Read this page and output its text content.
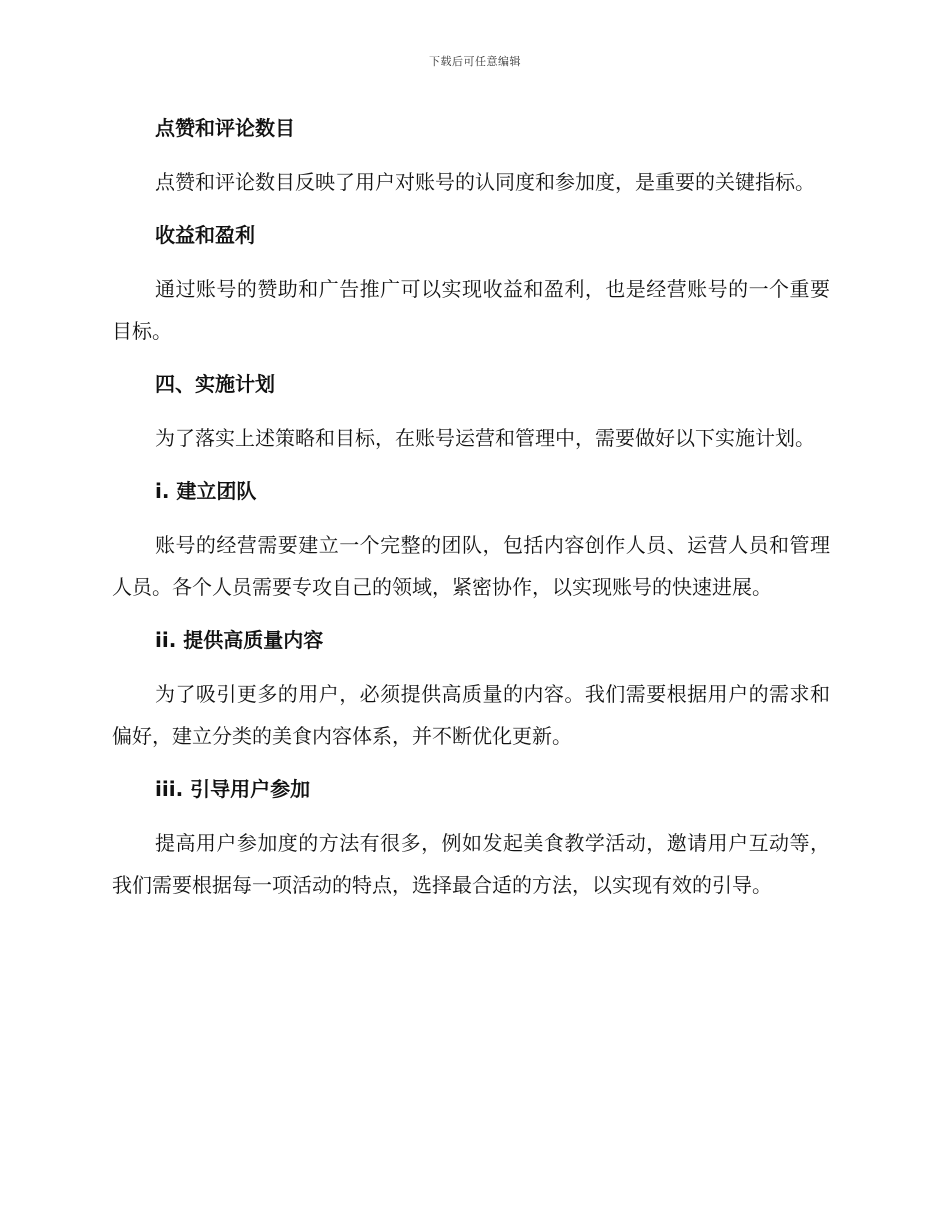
下载后可任意编辑
点赞和评论数目

点赞和评论数目反映了用户对账号的认同度和参加度，是重要的关键指标。

收益和盈利

通过账号的赞助和广告推广可以实现收益和盈利，也是经营账号的一个重要目标。

四、实施计划

为了落实上述策略和目标，在账号运营和管理中，需要做好以下实施计划。

i. 建立团队

账号的经营需要建立一个完整的团队，包括内容创作人员、运营人员和管理人员。各个人员需要专攻自己的领域，紧密协作，以实现账号的快速进展。

ii. 提供高质量内容

为了吸引更多的用户，必须提供高质量的内容。我们需要根据用户的需求和偏好，建立分类的美食内容体系，并不断优化更新。

iii. 引导用户参加

提高用户参加度的方法有很多，例如发起美食教学活动，邀请用户互动等，我们需要根据每一项活动的特点，选择最合适的方法，以实现有效的引导。
